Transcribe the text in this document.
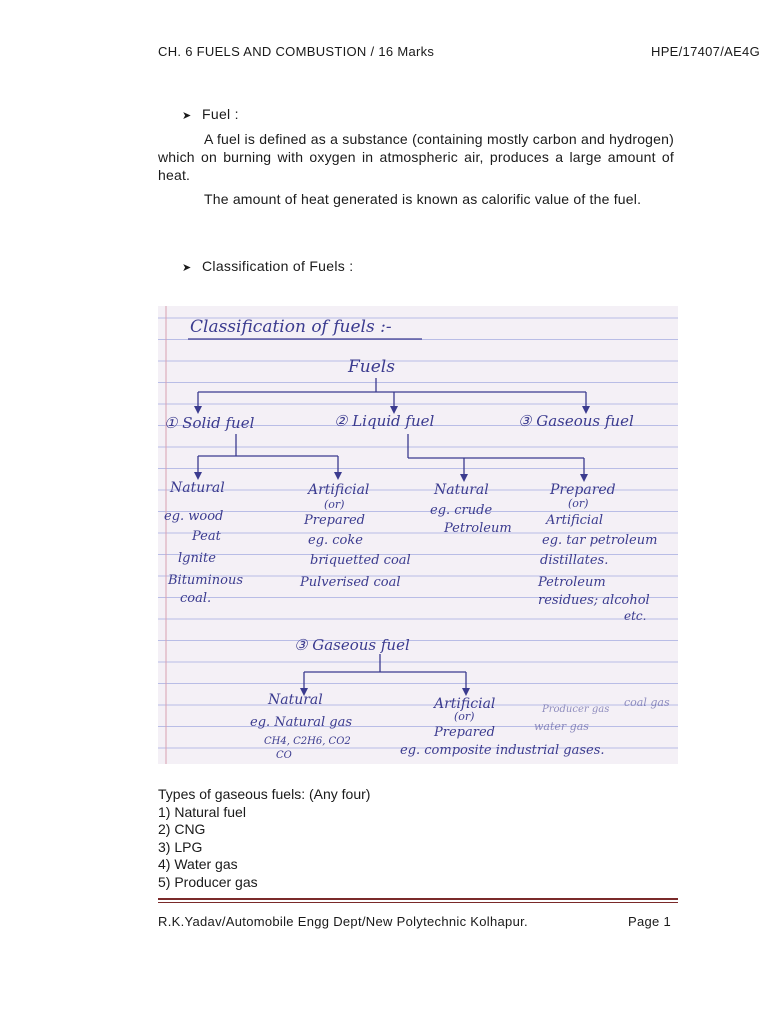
CH. 6 FUELS AND COMBUSTION / 16 Marks	HPE/17407/AE4G
➤ Fuel :
A fuel is defined as a substance (containing mostly carbon and hydrogen) which on burning with oxygen in atmospheric air, produces a large amount of heat.
The amount of heat generated is known as calorific value of the fuel.
➤ Classification of Fuels :
Classification of fuels :-
Fuels
① Solid fuel	② Liquid fuel	③ Gaseous fuel
Natural
eg. wood
Peat
lgnite
Bituminous
coal.
Artificial
(or)
Prepared
eg. coke
briquetted coal
Pulverised coal
Natural
eg. crude
Petroleum
Prepared
(or)
Artificial
eg. tar petroleum
distillates.
Petroleum
residues; alcohol
etc.
③ Gaseous fuel
Natural
eg. Natural gas
CH4, C2H6, CO2
CO
Artificial
(or)
Prepared
eg. composite industrial gases.
Producer gas
coal gas
water gas
Types of gaseous fuels: (Any four)
1) Natural fuel
2) CNG
3) LPG
4) Water gas
5) Producer gas
R.K.Yadav/Automobile Engg Dept/New Polytechnic Kolhapur.	Page 1
